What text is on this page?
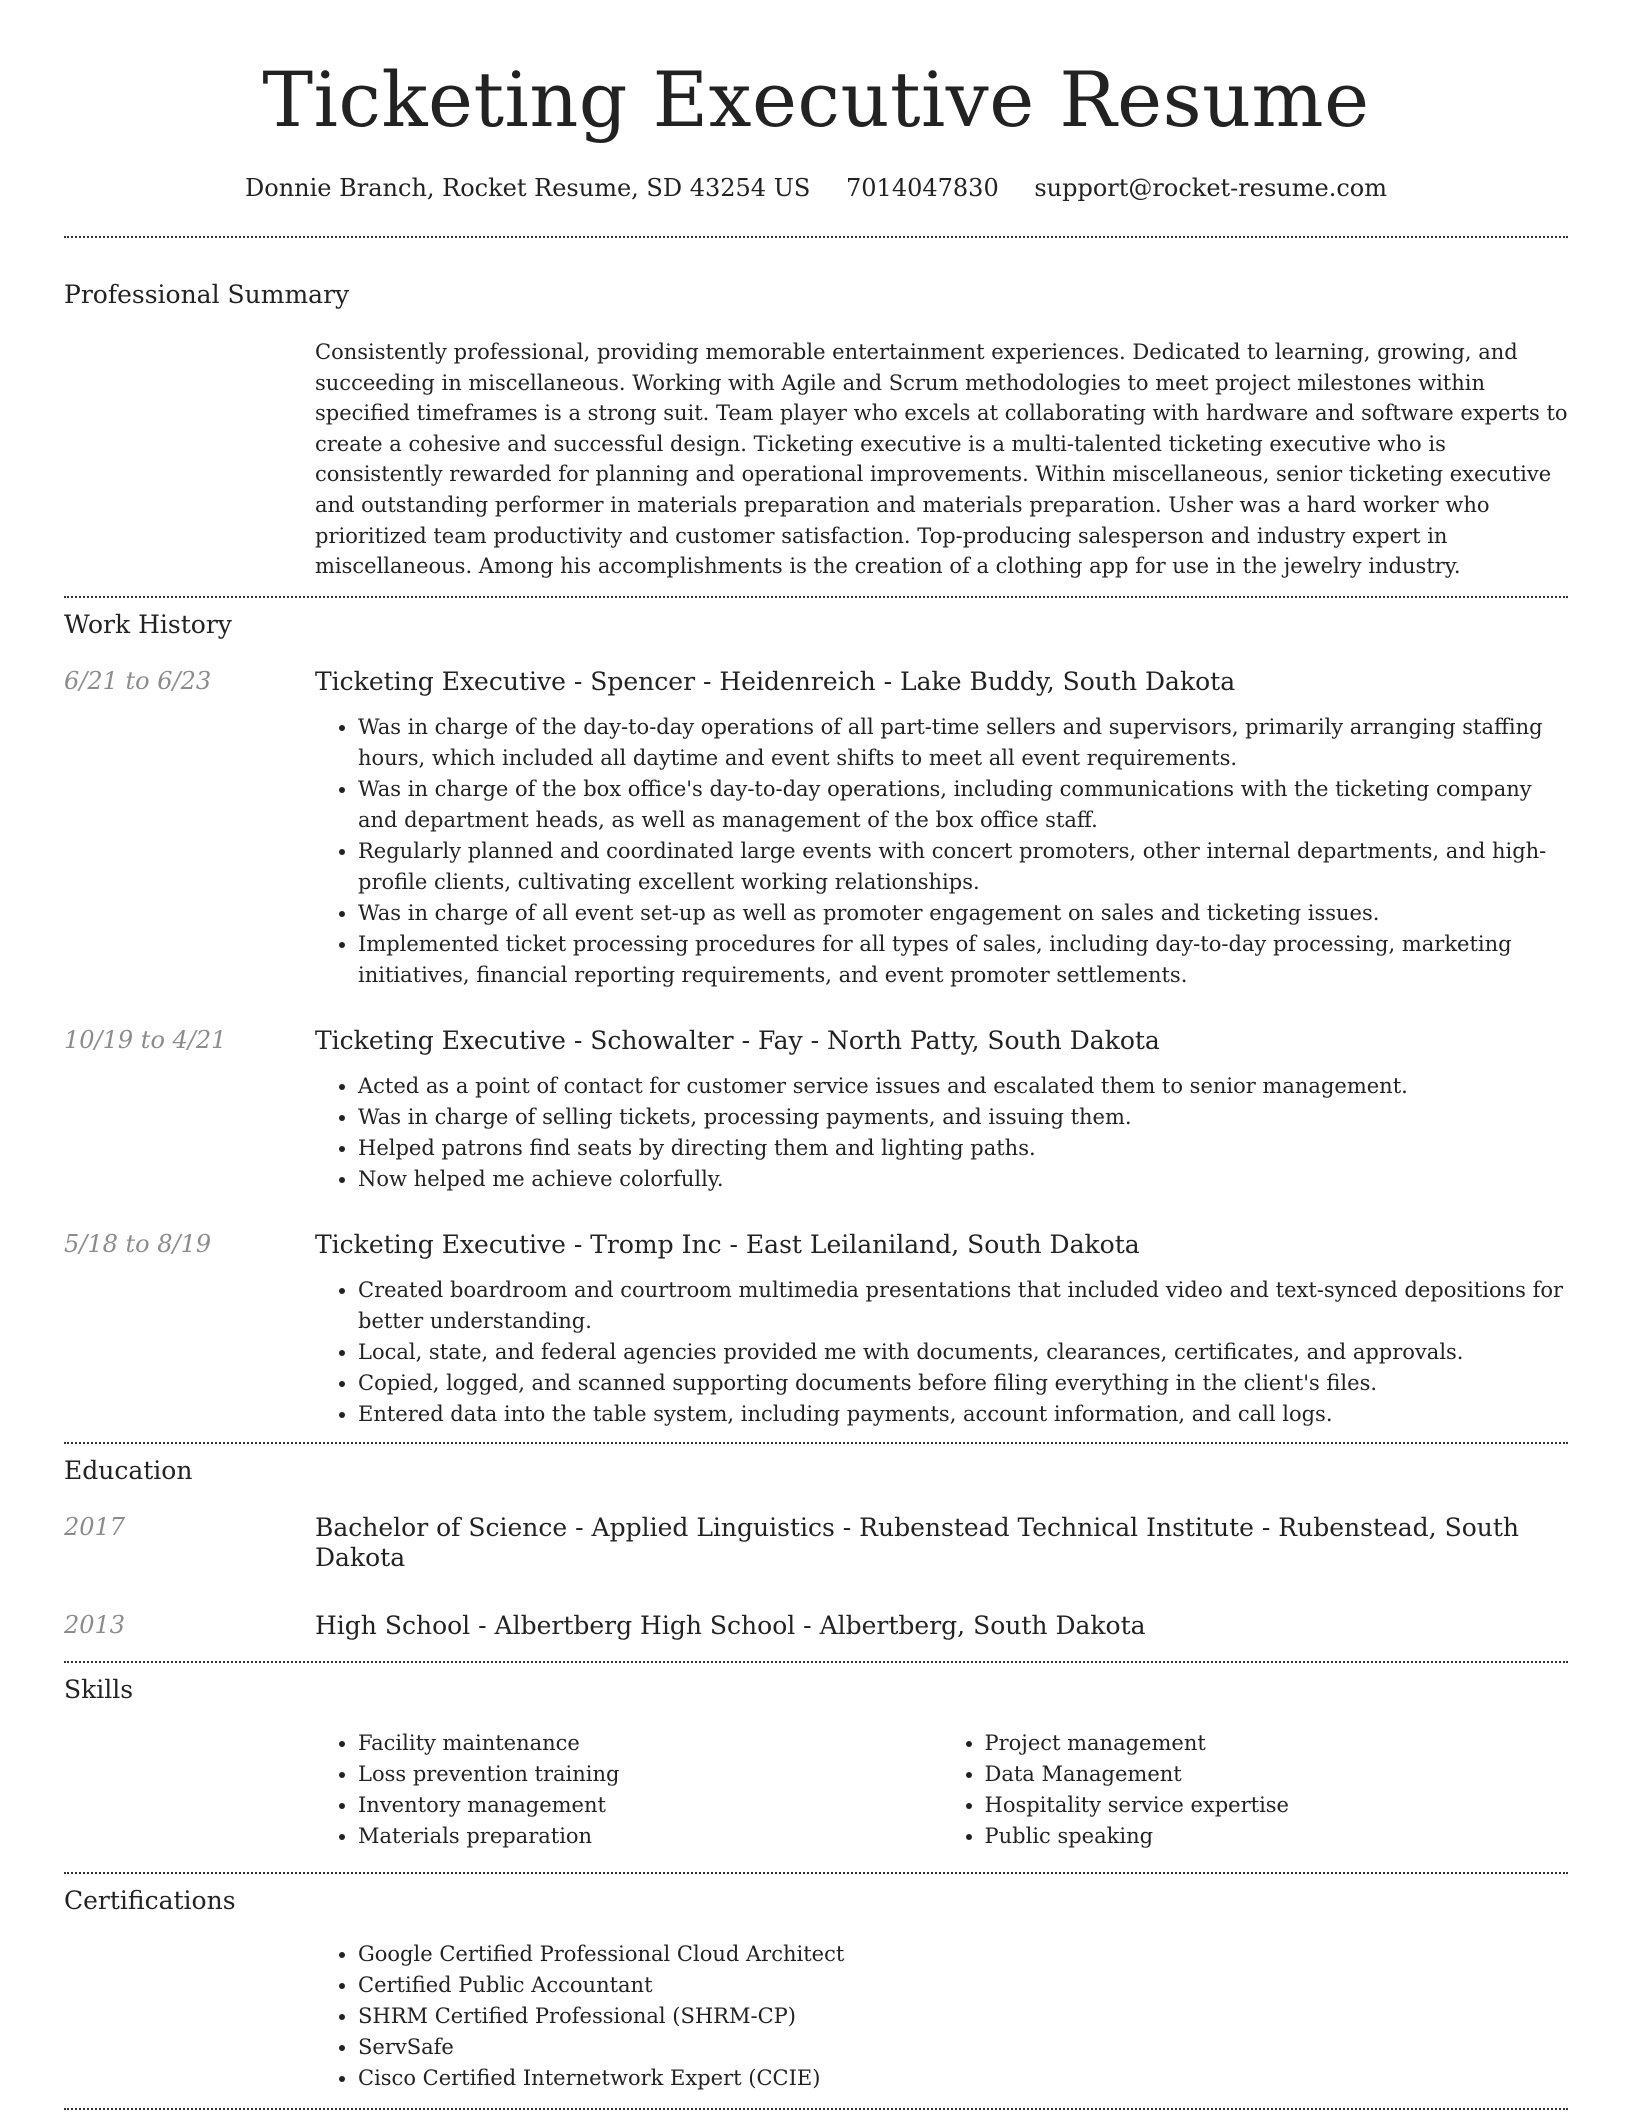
Ticketing Executive Resume
Donnie Branch, Rocket Resume, SD 43254 US 7014047830 support@rocket-resume.com
Professional Summary

Consistently professional, providing memorable entertainment experiences. Dedicated to learning, growing, and succeeding in miscellaneous. Working with Agile and Scrum methodologies to meet project milestones within specified timeframes is a strong suit. Team player who excels at collaborating with hardware and software experts to create a cohesive and successful design. Ticketing executive is a multi-talented ticketing executive who is consistently rewarded for planning and operational improvements. Within miscellaneous, senior ticketing executive and outstanding performer in materials preparation and materials preparation. Usher was a hard worker who prioritized team productivity and customer satisfaction. Top-producing salesperson and industry expert in miscellaneous. Among his accomplishments is the creation of a clothing app for use in the jewelry industry.

Work History
6/21 to 6/23	Ticketing Executive - Spencer - Heidenreich - Lake Buddy, South Dakota
• Was in charge of the day-to-day operations of all part-time sellers and supervisors, primarily arranging staffing hours, which included all daytime and event shifts to meet all event requirements.
• Was in charge of the box office's day-to-day operations, including communications with the ticketing company and department heads, as well as management of the box office staff.
• Regularly planned and coordinated large events with concert promoters, other internal departments, and high-profile clients, cultivating excellent working relationships.
• Was in charge of all event set-up as well as promoter engagement on sales and ticketing issues.
• Implemented ticket processing procedures for all types of sales, including day-to-day processing, marketing initiatives, financial reporting requirements, and event promoter settlements.
10/19 to 4/21	Ticketing Executive - Schowalter - Fay - North Patty, South Dakota
• Acted as a point of contact for customer service issues and escalated them to senior management.
• Was in charge of selling tickets, processing payments, and issuing them.
• Helped patrons find seats by directing them and lighting paths.
• Now helped me achieve colorfully.
5/18 to 8/19	Ticketing Executive - Tromp Inc - East Leilaniland, South Dakota
• Created boardroom and courtroom multimedia presentations that included video and text-synced depositions for better understanding.
• Local, state, and federal agencies provided me with documents, clearances, certificates, and approvals.
• Copied, logged, and scanned supporting documents before filing everything in the client's files.
• Entered data into the table system, including payments, account information, and call logs.
Education
2017	Bachelor of Science - Applied Linguistics - Rubenstead Technical Institute - Rubenstead, South Dakota
2013	High School - Albertberg High School - Albertberg, South Dakota
Skills
• Facility maintenance
• Loss prevention training
• Inventory management
• Materials preparation
• Project management
• Data Management
• Hospitality service expertise
• Public speaking
Certifications
• Google Certified Professional Cloud Architect
• Certified Public Accountant
• SHRM Certified Professional (SHRM-CP)
• ServSafe
• Cisco Certified Internetwork Expert (CCIE)
